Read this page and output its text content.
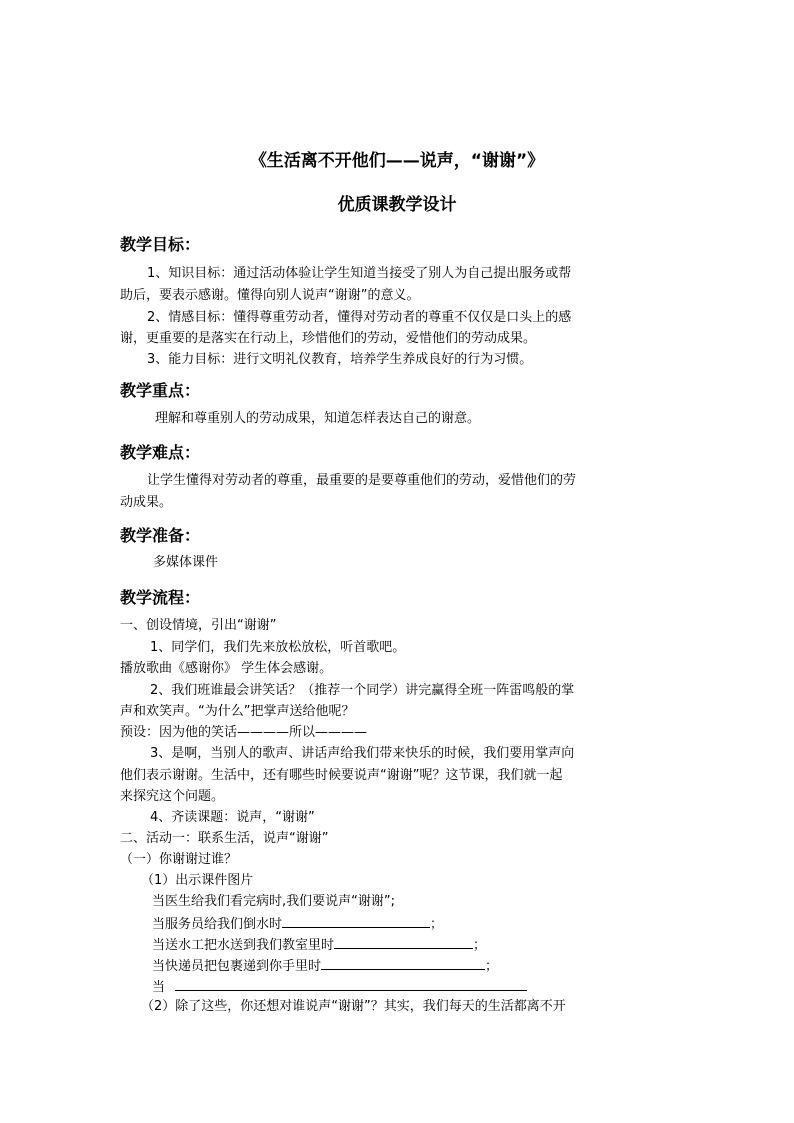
《生活离不开他们——说声，“谢谢”》
优质课教学设计
教学目标：

1、知识目标：通过活动体验让学生知道当接受了别人为自己提出服务或帮

助后，要表示感谢。懂得向别人说声“谢谢”的意义。

2、情感目标：懂得尊重劳动者，懂得对劳动者的尊重不仅仅是口头上的感

谢，更重要的是落实在行动上，珍惜他们的劳动，爱惜他们的劳动成果。

3、能力目标：进行文明礼仪教育，培养学生养成良好的行为习惯。

教学重点：

理解和尊重别人的劳动成果，知道怎样表达自己的谢意。

教学难点：

让学生懂得对劳动者的尊重，最重要的是要尊重他们的劳动，爱惜他们的劳

动成果。

教学准备：

多媒体课件

教学流程：

一、创设情境，引出“谢谢”

1、同学们，我们先来放松放松，听首歌吧。

播放歌曲《感谢你》 学生体会感谢。

2、我们班谁最会讲笑话？（推荐一个同学）讲完赢得全班一阵雷鸣般的掌

声和欢笑声。“为什么”把掌声送给他呢？

预设：因为他的笑话————所以————

3、是啊，当别人的歌声、讲话声给我们带来快乐的时候，我们要用掌声向

他们表示谢谢。生活中，还有哪些时候要说声“谢谢”呢？这节课，我们就一起

来探究这个问题。

4、齐读课题：说声，“谢谢”

二、活动一：联系生活，说声“谢谢”

（一）你谢谢过谁？

（1）出示课件图片

当医生给我们看完病时,我们要说声“谢谢”;

当服务员给我们倒水时	；

当送水工把水送到我们教室里时	；

当快递员把包裹递到你手里时	；

当

（2）除了这些，你还想对谁说声“谢谢”？其实，我们每天的生活都离不开
